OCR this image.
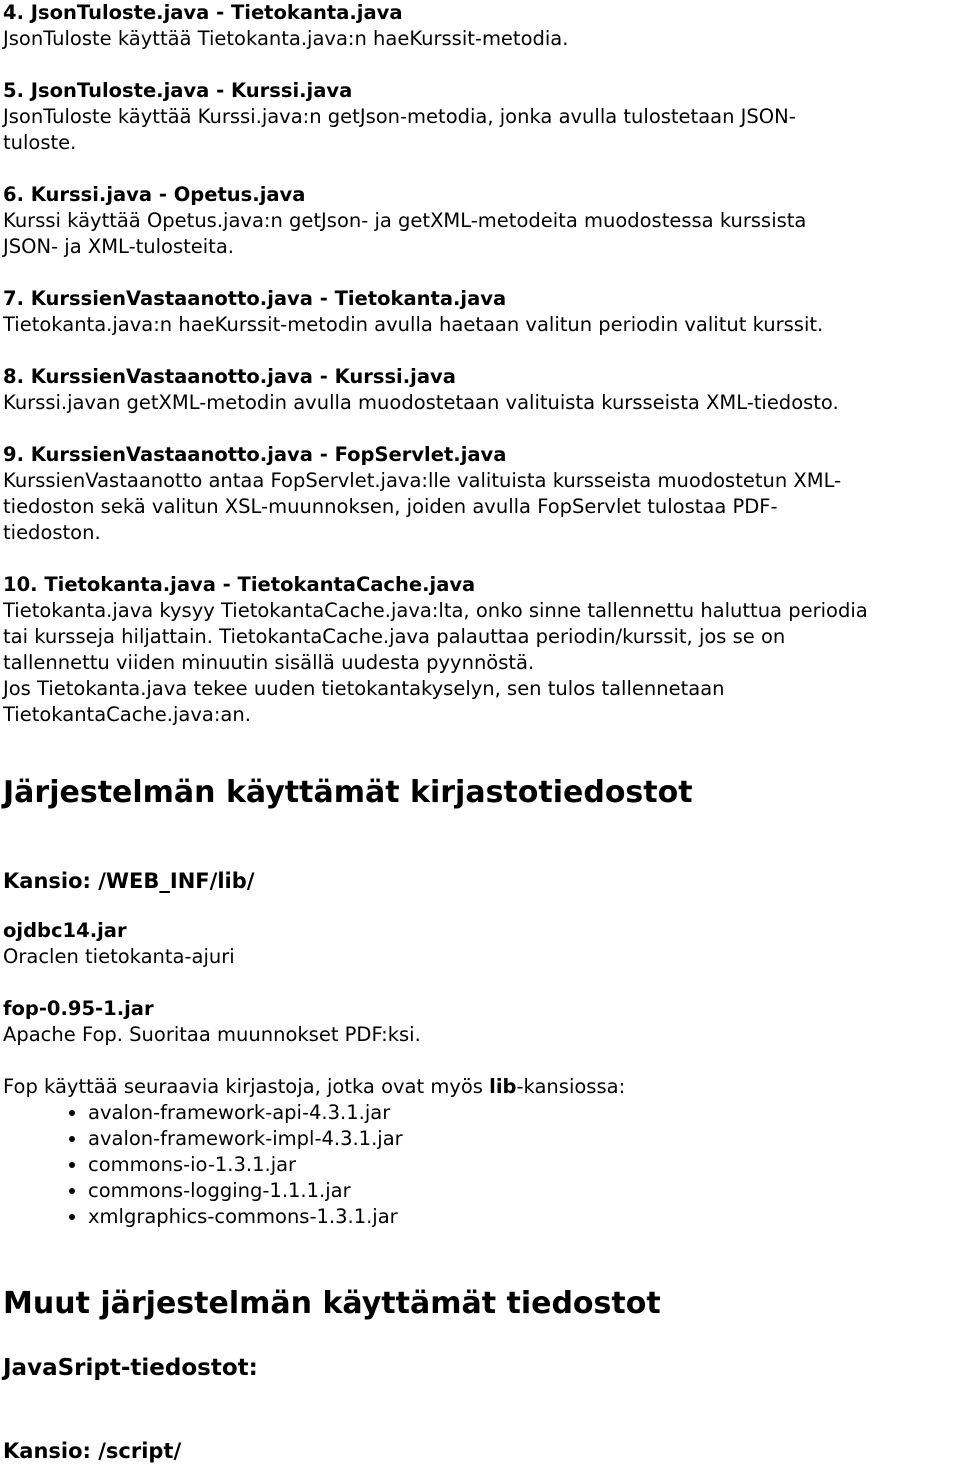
4. JsonTuloste.java - Tietokanta.java

JsonTuloste käyttää Tietokanta.java:n haeKurssit-metodia.

5. JsonTuloste.java - Kurssi.java

JsonTuloste käyttää Kurssi.java:n getJson-metodia, jonka avulla tulostetaan JSON-
tuloste.

6. Kurssi.java - Opetus.java

Kurssi käyttää Opetus.java:n getJson- ja getXML-metodeita muodostessa kurssista
JSON- ja XML-tulosteita.

7. KurssienVastaanotto.java - Tietokanta.java

Tietokanta.java:n haeKurssit-metodin avulla haetaan valitun periodin valitut kurssit.

8. KurssienVastaanotto.java - Kurssi.java

Kurssi.javan getXML-metodin avulla muodostetaan valituista kursseista XML-tiedosto.

9. KurssienVastaanotto.java - FopServlet.java

KurssienVastaanotto antaa FopServlet.java:lle valituista kursseista muodostetun XML-
tiedoston sekä valitun XSL-muunnoksen, joiden avulla FopServlet tulostaa PDF-
tiedoston.

10. Tietokanta.java - TietokantaCache.java

Tietokanta.java kysyy TietokantaCache.java:lta, onko sinne tallennettu haluttua periodia
tai kursseja hiljattain. TietokantaCache.java palauttaa periodin/kurssit, jos se on
tallennettu viiden minuutin sisällä uudesta pyynnöstä.
Jos Tietokanta.java tekee uuden tietokantakyselyn, sen tulos tallennetaan
TietokantaCache.java:an.

Järjestelmän käyttämät kirjastotiedostot
Kansio: /WEB_INF/lib/

ojdbc14.jar

Oraclen tietokanta-ajuri

fop-0.95-1.jar

Apache Fop. Suoritaa muunnokset PDF:ksi.

Fop käyttää seuraavia kirjastoja, jotka ovat myös lib-kansiossa:

• avalon-framework-api-4.3.1.jar
• avalon-framework-impl-4.3.1.jar
• commons-io-1.3.1.jar
• commons-logging-1.1.1.jar
• xmlgraphics-commons-1.3.1.jar
Muut järjestelmän käyttämät tiedostot
JavaSript-tiedostot:
Kansio: /script/
